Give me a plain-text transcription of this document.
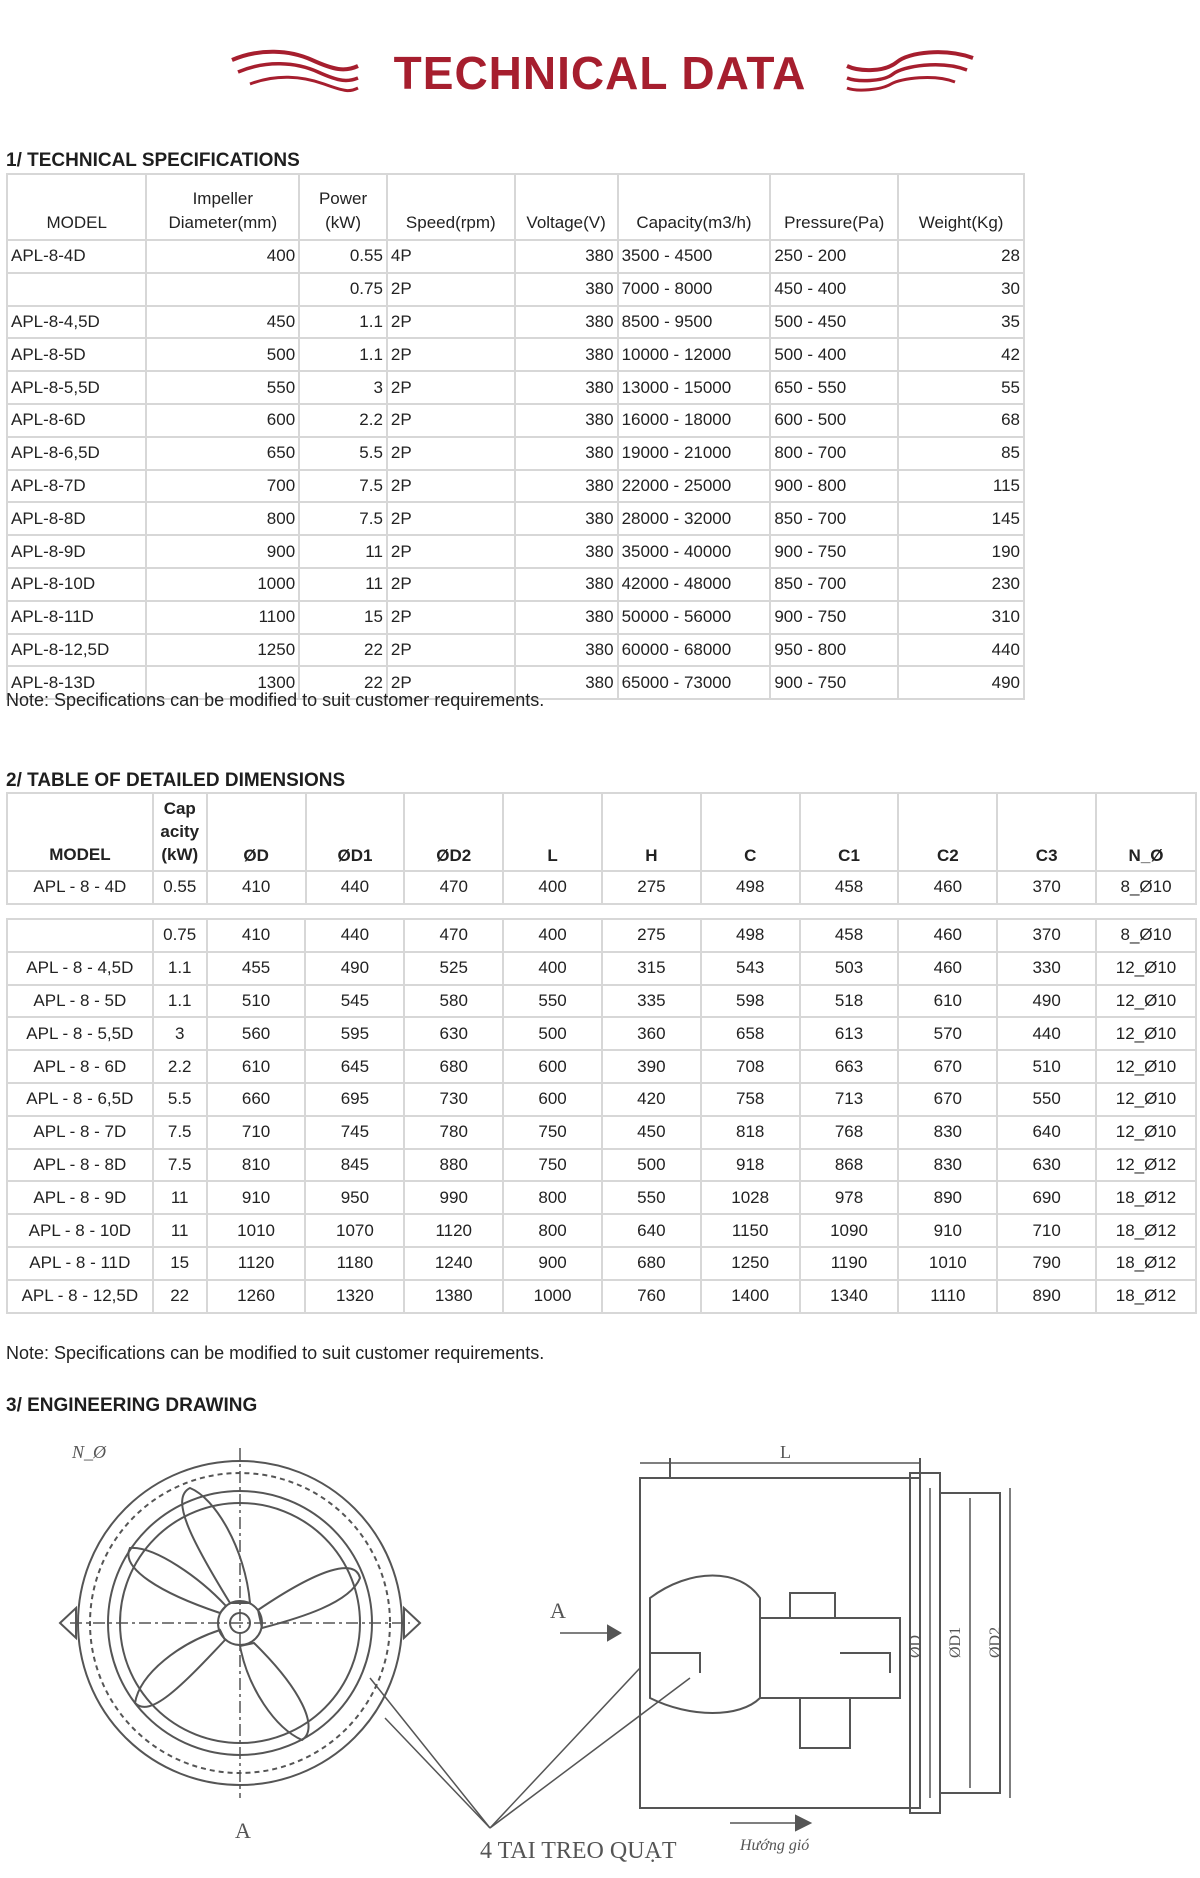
TECHNICAL DATA
1/ TECHNICAL SPECIFICATIONS
MODEL	Impeller Diameter(mm)	Power (kW)	Speed(rpm)	Voltage(V)	Capacity(m3/h)	Pressure(Pa)	Weight(Kg)
APL-8-4D	400	0.55	4P	380	3500 - 4500	250 - 200	28
		0.75	2P	380	7000 - 8000	450 - 400	30
APL-8-4,5D	450	1.1	2P	380	8500 - 9500	500 - 450	35
APL-8-5D	500	1.1	2P	380	10000 - 12000	500 - 400	42
APL-8-5,5D	550	3	2P	380	13000 - 15000	650 - 550	55
APL-8-6D	600	2.2	2P	380	16000 - 18000	600 - 500	68
APL-8-6,5D	650	5.5	2P	380	19000 - 21000	800 - 700	85
APL-8-7D	700	7.5	2P	380	22000 - 25000	900 - 800	115
APL-8-8D	800	7.5	2P	380	28000 - 32000	850 - 700	145
APL-8-9D	900	11	2P	380	35000 - 40000	900 - 750	190
APL-8-10D	1000	11	2P	380	42000 - 48000	850 - 700	230
APL-8-11D	1100	15	2P	380	50000 - 56000	900 - 750	310
APL-8-12,5D	1250	22	2P	380	60000 - 68000	950 - 800	440
APL-8-13D	1300	22	2P	380	65000 - 73000	900 - 750	490
Note: Specifications can be modified to suit customer requirements.
2/ TABLE OF DETAILED DIMENSIONS
MODEL	Cap acity (kW)	ØD	ØD1	ØD2	L	H	C	C1	C2	C3	N_Ø
APL - 8 - 4D	0.55	410	440	470	400	275	498	458	460	370	8_Ø10
	0.75	410	440	470	400	275	498	458	460	370	8_Ø10
APL - 8 - 4,5D	1.1	455	490	525	400	315	543	503	460	330	12_Ø10
APL - 8 - 5D	1.1	510	545	580	550	335	598	518	610	490	12_Ø10
APL - 8 - 5,5D	3	560	595	630	500	360	658	613	570	440	12_Ø10
APL - 8 - 6D	2.2	610	645	680	600	390	708	663	670	510	12_Ø10
APL - 8 - 6,5D	5.5	660	695	730	600	420	758	713	670	550	12_Ø10
APL - 8 - 7D	7.5	710	745	780	750	450	818	768	830	640	12_Ø10
APL - 8 - 8D	7.5	810	845	880	750	500	918	868	830	630	12_Ø12
APL - 8 - 9D	11	910	950	990	800	550	1028	978	890	690	18_Ø12
APL - 8 - 10D	11	1010	1070	1120	800	640	1150	1090	910	710	18_Ø12
APL - 8 - 11D	15	1120	1180	1240	900	680	1250	1190	1010	790	18_Ø12
APL - 8 - 12,5D	22	1260	1320	1380	1000	760	1400	1340	1110	890	18_Ø12
Note: Specifications can be modified to suit customer requirements.
3/ ENGINEERING DRAWING
N_Ø
A
A
L
ØD ØD1 ØD2
4 TAI TREO QUẠT	Hướng gió
